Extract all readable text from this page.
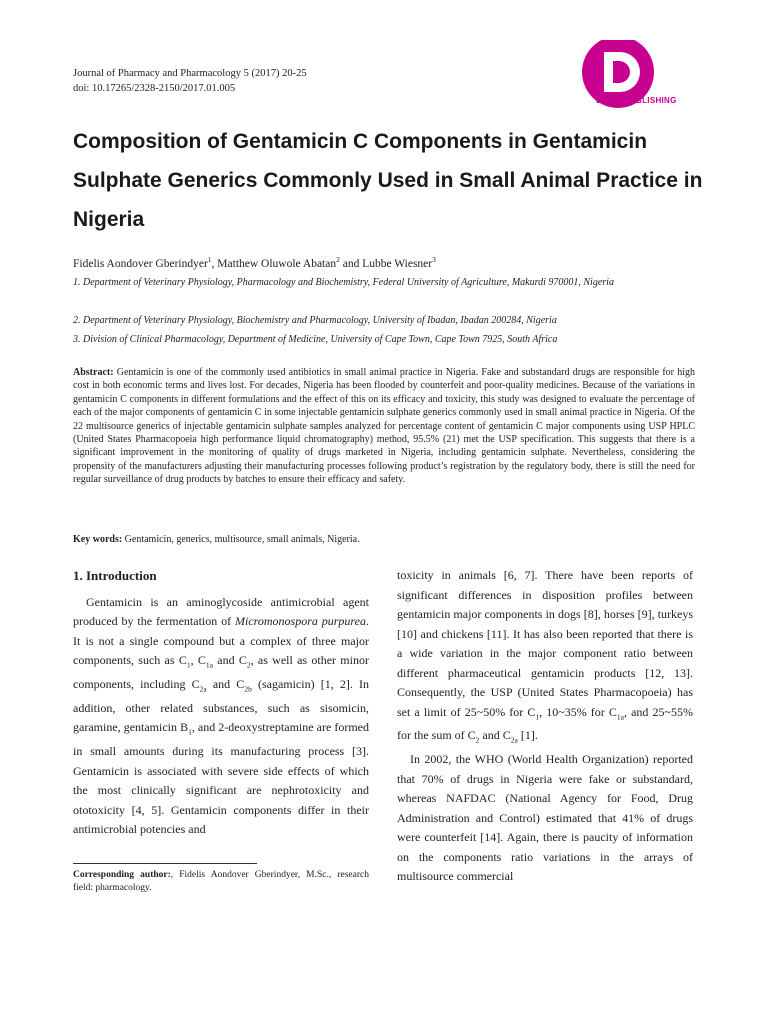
Journal of Pharmacy and Pharmacology 5 (2017) 20-25
doi: 10.17265/2328-2150/2017.01.005
DAVID PUBLISHING
Composition of Gentamicin C Components in Gentamicin Sulphate Generics Commonly Used in Small Animal Practice in Nigeria
Fidelis Aondover Gberindyer$^1$, Matthew Oluwole Abatan$^2$ and Lubbe Wiesner$^3$
1. Department of Veterinary Physiology, Pharmacology and Biochemistry, Federal University of Agriculture, Makurdi 970001, Nigeria
2. Department of Veterinary Physiology, Biochemistry and Pharmacology, University of Ibadan, Ibadan 200284, Nigeria
3. Division of Clinical Pharmacology, Department of Medicine, University of Cape Town, Cape Town 7925, South Africa

Abstract: Gentamicin is one of the commonly used antibiotics in small animal practice in Nigeria. Fake and substandard drugs are responsible for high cost in both economic terms and lives lost. For decades, Nigeria has been flooded by counterfeit and poor-quality medicines. Because of the variations in gentamicin C components in different formulations and the effect of this on its efficacy and toxicity, this study was designed to evaluate the percentage of each of the major components of gentamicin C in some injectable gentamicin sulphate generics commonly used in small animal practice in Nigeria. Of the 22 multisource generics of injectable gentamicin sulphate samples analyzed for percentage content of gentamicin C major components using USP HPLC (United States Pharmacopoeia high performance liquid chromatography) method, 95.5% (21) met the USP specification. This suggests that there is a significant improvement in the monitoring of quality of drugs marketed in Nigeria, including gentamicin sulphate. Nevertheless, considering the propensity of the manufacturers adjusting their manufacturing processes following product’s registration by the regulatory body, there is still the need for regular surveillance of drug products by batches to ensure their efficacy and safety.

Key words: Gentamicin, generics, multisource, small animals, Nigeria.

1. Introduction

Gentamicin is an aminoglycoside antimicrobial agent produced by the fermentation of Micromonospora purpurea. It is not a single compound but a complex of three major components, such as $C_1$, $C_{1a}$ and $C_2$, as well as other minor components, including $C_{2a}$ and $C_{2b}$ (sagamicin) [1, 2]. In addition, other related substances, such as sisomicin, garamine, gentamicin $B_1$, and 2-deoxystreptamine are formed in small amounts during its manufacturing process [3]. Gentamicin is associated with severe side effects of which the most clinically significant are nephrotoxicity and ototoxicity [4, 5]. Gentamicin components differ in their antimicrobial potencies and

toxicity in animals [6, 7]. There have been reports of significant differences in disposition profiles between gentamicin major components in dogs [8], horses [9], turkeys [10] and chickens [11]. It has also been reported that there is a wide variation in the major component ratio between different pharmaceutical gentamicin products [12, 13]. Consequently, the USP (United States Pharmacopoeia) has set a limit of 25~50% for $C_1$, 10~35% for $C_{1a}$, and 25~55% for the sum of $C_2$ and $C_{2a}$ [1].

In 2002, the WHO (World Health Organization) reported that 70% of drugs in Nigeria were fake or substandard, whereas NAFDAC (National Agency for Food, Drug Administration and Control) estimated that 41% of drugs were counterfeit [14]. Again, there is paucity of information on the components ratio variations in the arrays of multisource commercial

Corresponding author:, Fidelis Aondover Gberindyer, M.Sc., research field: pharmacology.
